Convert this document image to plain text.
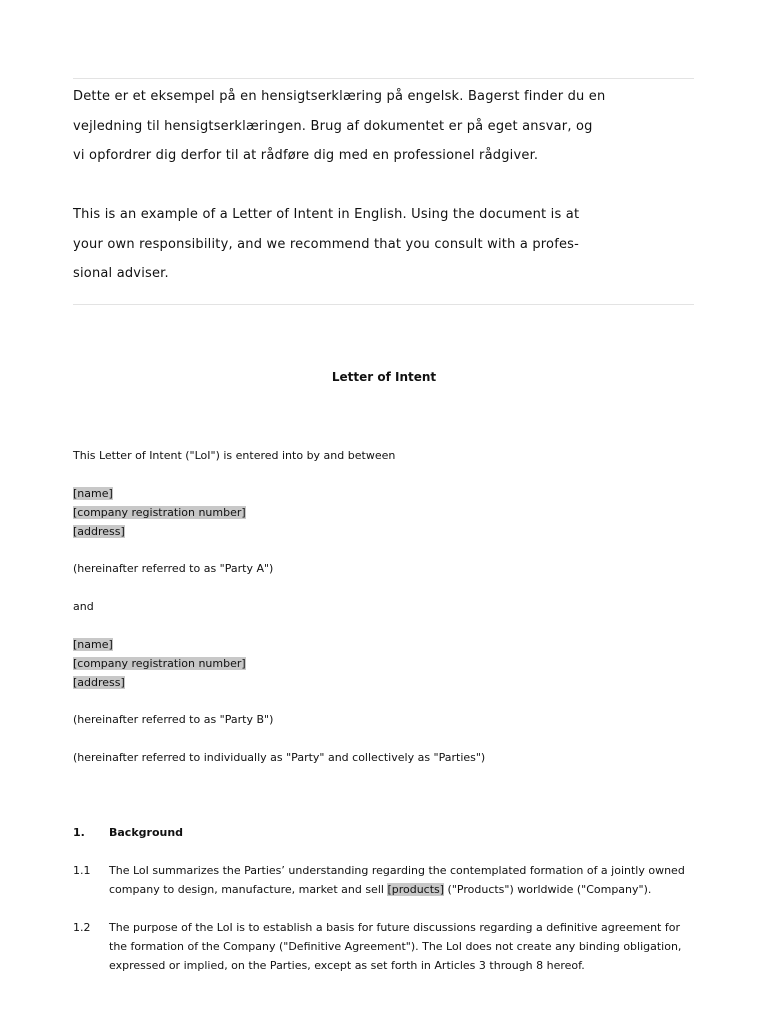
Dette er et eksempel på en hensigtserklæring på engelsk. Bagerst finder du en
vejledning til hensigtserklæringen. Brug af dokumentet er på eget ansvar, og
vi opfordrer dig derfor til at rådføre dig med en professionel rådgiver.

This is an example of a Letter of Intent in English. Using the document is at
your own responsibility, and we recommend that you consult with a profes-
sional adviser.

Letter of Intent

This Letter of Intent ("LoI") is entered into by and between

[name]
[company registration number]
[address]

(hereinafter referred to as "Party A")

and

[name]
[company registration number]
[address]

(hereinafter referred to as "Party B")

(hereinafter referred to individually as "Party" and collectively as "Parties")

1. Background

1.1 The LoI summarizes the Parties’ understanding regarding the contemplated formation of a jointly owned
company to design, manufacture, market and sell [products] ("Products") worldwide ("Company").

1.2 The purpose of the LoI is to establish a basis for future discussions regarding a definitive agreement for
the formation of the Company ("Definitive Agreement"). The LoI does not create any binding obligation,
expressed or implied, on the Parties, except as set forth in Articles 3 through 8 hereof.
